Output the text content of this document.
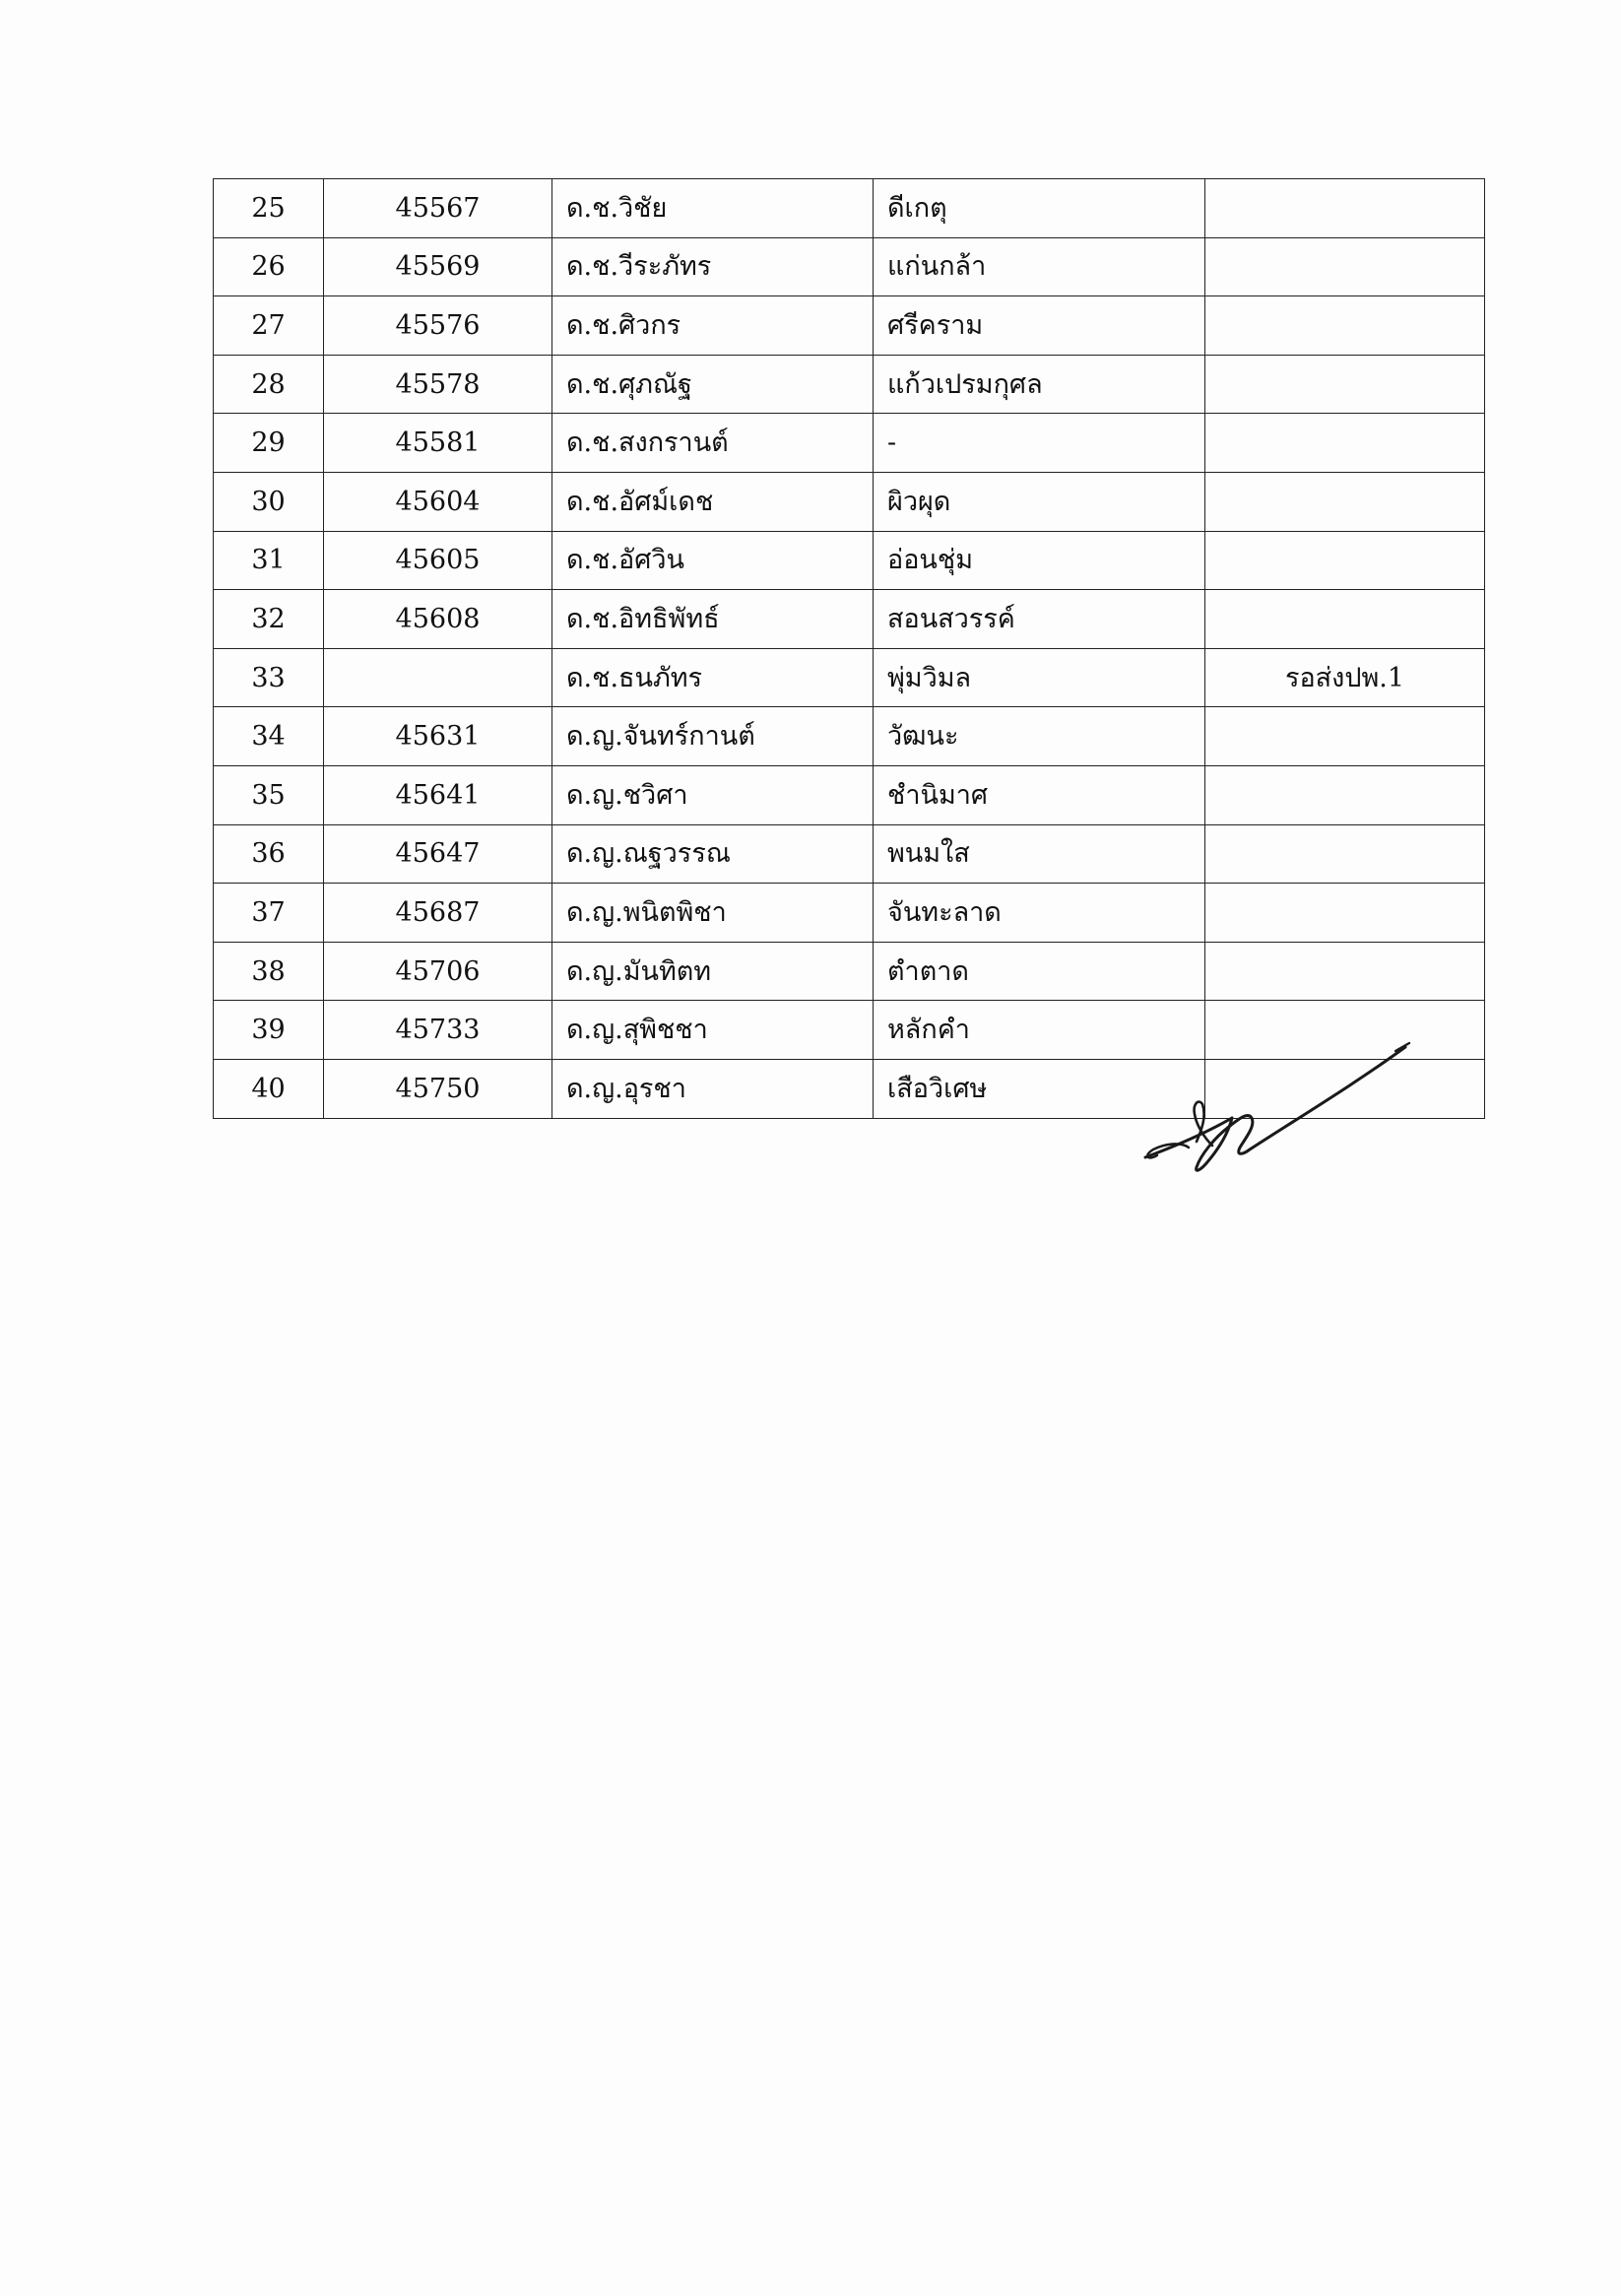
25	45567	ด.ช.วิชัย	ดีเกตุ	
26	45569	ด.ช.วีระภัทร	แก่นกล้า	
27	45576	ด.ช.ศิวกร	ศรีคราม	
28	45578	ด.ช.ศุภณัฐ	แก้วเปรมกุศล	
29	45581	ด.ช.สงกรานต์	-	
30	45604	ด.ช.อัศม์เดช	ผิวผุด	
31	45605	ด.ช.อัศวิน	อ่อนชุ่ม	
32	45608	ด.ช.อิทธิพัทธ์	สอนสวรรค์	
33		ด.ช.ธนภัทร	พุ่มวิมล	รอส่งปพ.1
34	45631	ด.ญ.จันทร์กานต์	วัฒนะ	
35	45641	ด.ญ.ชวิศา	ชำนิมาศ	
36	45647	ด.ญ.ณฐวรรณ	พนมใส	
37	45687	ด.ญ.พนิตพิชา	จันทะลาด	
38	45706	ด.ญ.มันทิตท	ตำตาด	
39	45733	ด.ญ.สุพิชชา	หลักคำ	
40	45750	ด.ญ.อุรชา	เสือวิเศษ	
